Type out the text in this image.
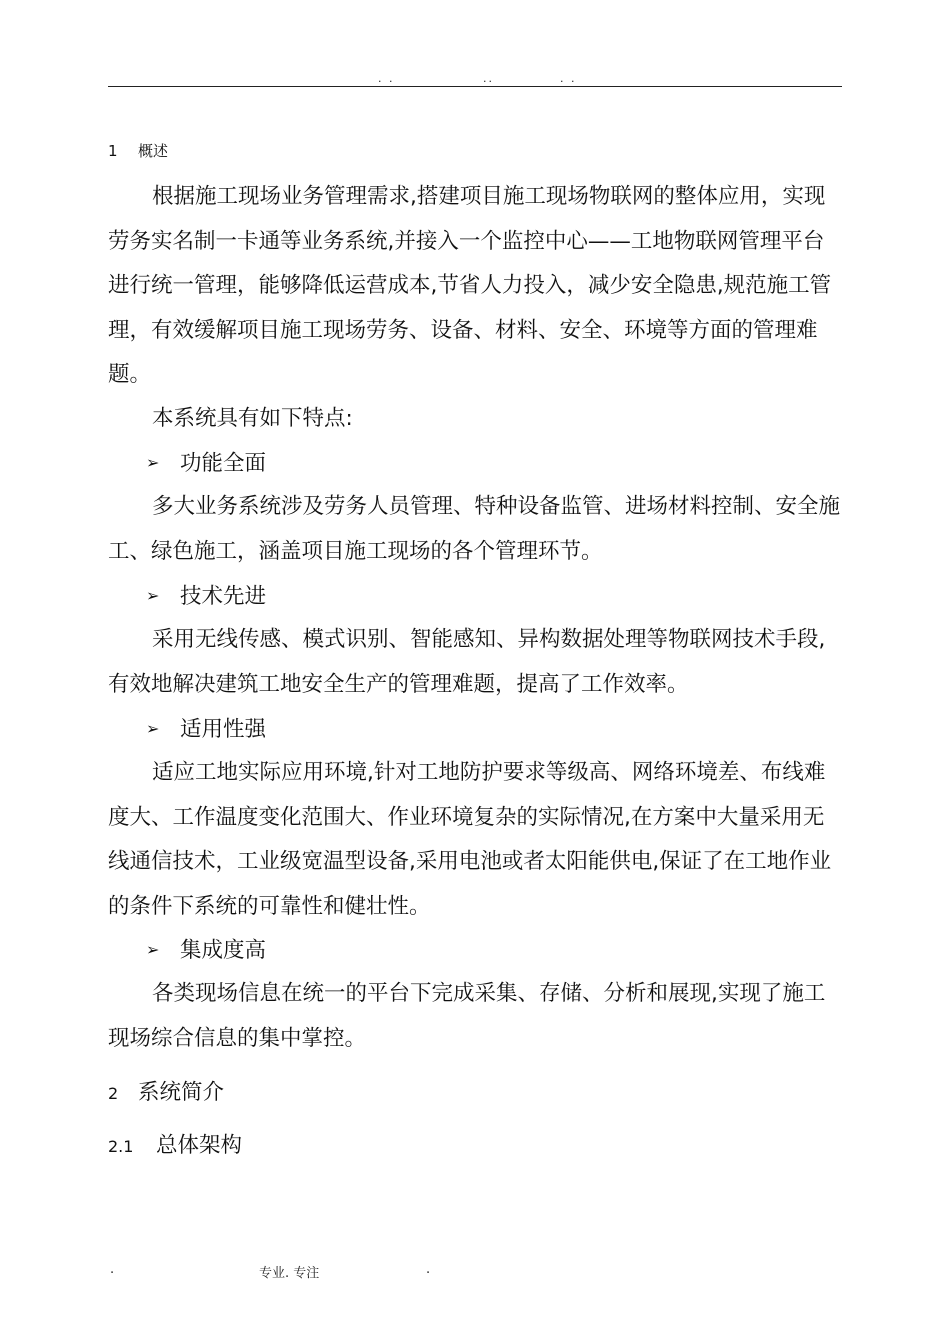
. .	..	. .
1 概述

根据施工现场业务管理需求,搭建项目施工现场物联网的整体应用，实现劳务实名制一卡通等业务系统,并接入一个监控中心——工地物联网管理平台进行统一管理，能够降低运营成本,节省人力投入，减少安全隐患,规范施工管理，有效缓解项目施工现场劳务、设备、材料、安全、环境等方面的管理难题。

本系统具有如下特点:

➢ 功能全面

多大业务系统涉及劳务人员管理、特种设备监管、进场材料控制、安全施工、绿色施工，涵盖项目施工现场的各个管理环节。

➢ 技术先进

采用无线传感、模式识别、智能感知、异构数据处理等物联网技术手段,有效地解决建筑工地安全生产的管理难题，提高了工作效率。

➢ 适用性强

适应工地实际应用环境,针对工地防护要求等级高、网络环境差、布线难度大、工作温度变化范围大、作业环境复杂的实际情况,在方案中大量采用无线通信技术，工业级宽温型设备,采用电池或者太阳能供电,保证了在工地作业的条件下系统的可靠性和健壮性。

➢ 集成度高

各类现场信息在统一的平台下完成采集、存储、分析和展现,实现了施工现场综合信息的集中掌控。

2 系统简介
2.1 总体架构
.	专业. 专注	.
